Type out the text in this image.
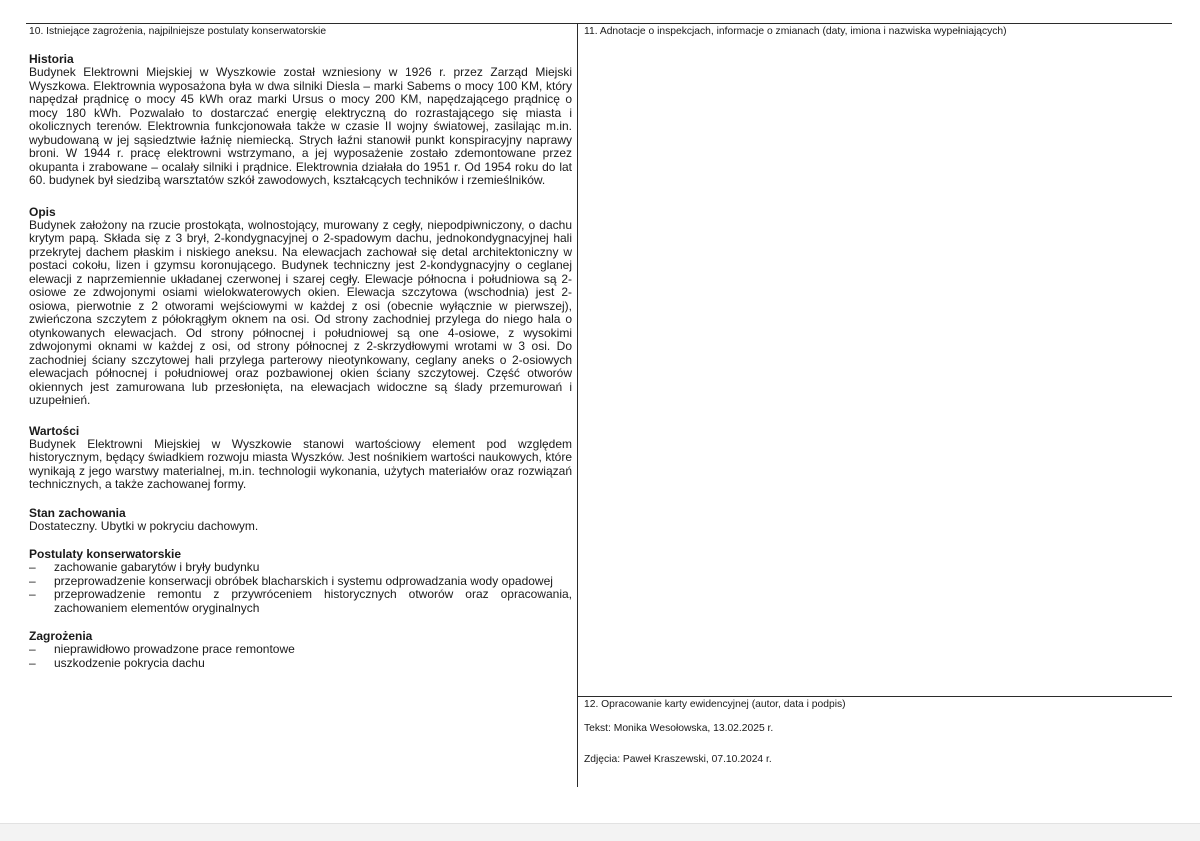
10. Istniejące zagrożenia, najpilniejsze postulaty konserwatorskie

Historia

Budynek Elektrowni Miejskiej w Wyszkowie został wzniesiony w 1926 r. przez Zarząd Miejski Wyszkowa. Elektrownia wyposażona była w dwa silniki Diesla – marki Sabems o mocy 100 KM, który napędzał prądnicę o mocy 45 kWh oraz marki Ursus o mocy 200 KM, napędzającego prądnicę o mocy 180 kWh. Pozwalało to dostarczać energię elektryczną do rozrastającego się miasta i okolicznych terenów. Elektrownia funkcjonowała także w czasie II wojny światowej, zasilając m.in. wybudowaną w jej sąsiedztwie łaźnię niemiecką. Strych łaźni stanowił punkt konspiracyjny naprawy broni. W 1944 r. pracę elektrowni wstrzymano, a jej wyposażenie zostało zdemontowane przez okupanta i zrabowane – ocalały silniki i prądnice. Elektrownia działała do 1951 r. Od 1954 roku do lat 60. budynek był siedzibą warsztatów szkół zawodowych, kształcących techników i rzemieślników.

Opis

Budynek założony na rzucie prostokąta, wolnostojący, murowany z cegły, niepodpiwniczony, o dachu krytym papą. Składa się z 3 brył, 2-kondygnacyjnej o 2-spadowym dachu, jednokondygnacyjnej hali przekrytej dachem płaskim i niskiego aneksu. Na elewacjach zachował się detal architektoniczny w postaci cokołu, lizen i gzymsu koronującego. Budynek techniczny jest 2-kondygnacyjny o ceglanej elewacji z naprzemiennie układanej czerwonej i szarej cegły. Elewacje północna i południowa są 2-osiowe ze zdwojonymi osiami wielokwaterowych okien. Elewacja szczytowa (wschodnia) jest 2-osiowa, pierwotnie z 2 otworami wejściowymi w każdej z osi (obecnie wyłącznie w pierwszej), zwieńczona szczytem z półokrągłym oknem na osi. Od strony zachodniej przylega do niego hala o otynkowanych elewacjach. Od strony północnej i południowej są one 4-osiowe, z wysokimi zdwojonymi oknami w każdej z osi, od strony północnej z 2-skrzydłowymi wrotami w 3 osi. Do zachodniej ściany szczytowej hali przylega parterowy nieotynkowany, ceglany aneks o 2-osiowych elewacjach północnej i południowej oraz pozbawionej okien ściany szczytowej. Część otworów okiennych jest zamurowana lub przesłonięta, na elewacjach widoczne są ślady przemurowań i uzupełnień.

Wartości

Budynek Elektrowni Miejskiej w Wyszkowie stanowi wartościowy element pod względem historycznym, będący świadkiem rozwoju miasta Wyszków. Jest nośnikiem wartości naukowych, które wynikają z jego warstwy materialnej, m.in. technologii wykonania, użytych materiałów oraz rozwiązań technicznych, a także zachowanej formy.

Stan zachowania

Dostateczny. Ubytki w pokryciu dachowym.

Postulaty konserwatorskie

– zachowanie gabarytów i bryły budynku
– przeprowadzenie konserwacji obróbek blacharskich i systemu odprowadzania wody opadowej
– przeprowadzenie remontu z przywróceniem historycznych otworów oraz opracowania, zachowaniem elementów oryginalnych

Zagrożenia

– nieprawidłowo prowadzone prace remontowe
– uszkodzenie pokrycia dachu

11. Adnotacje o inspekcjach, informacje o zmianach (daty, imiona i nazwiska wypełniających)

12. Opracowanie karty ewidencyjnej (autor, data i podpis)

Tekst: Monika Wesołowska, 13.02.2025 r.

Zdjęcia: Paweł Kraszewski, 07.10.2024 r.
